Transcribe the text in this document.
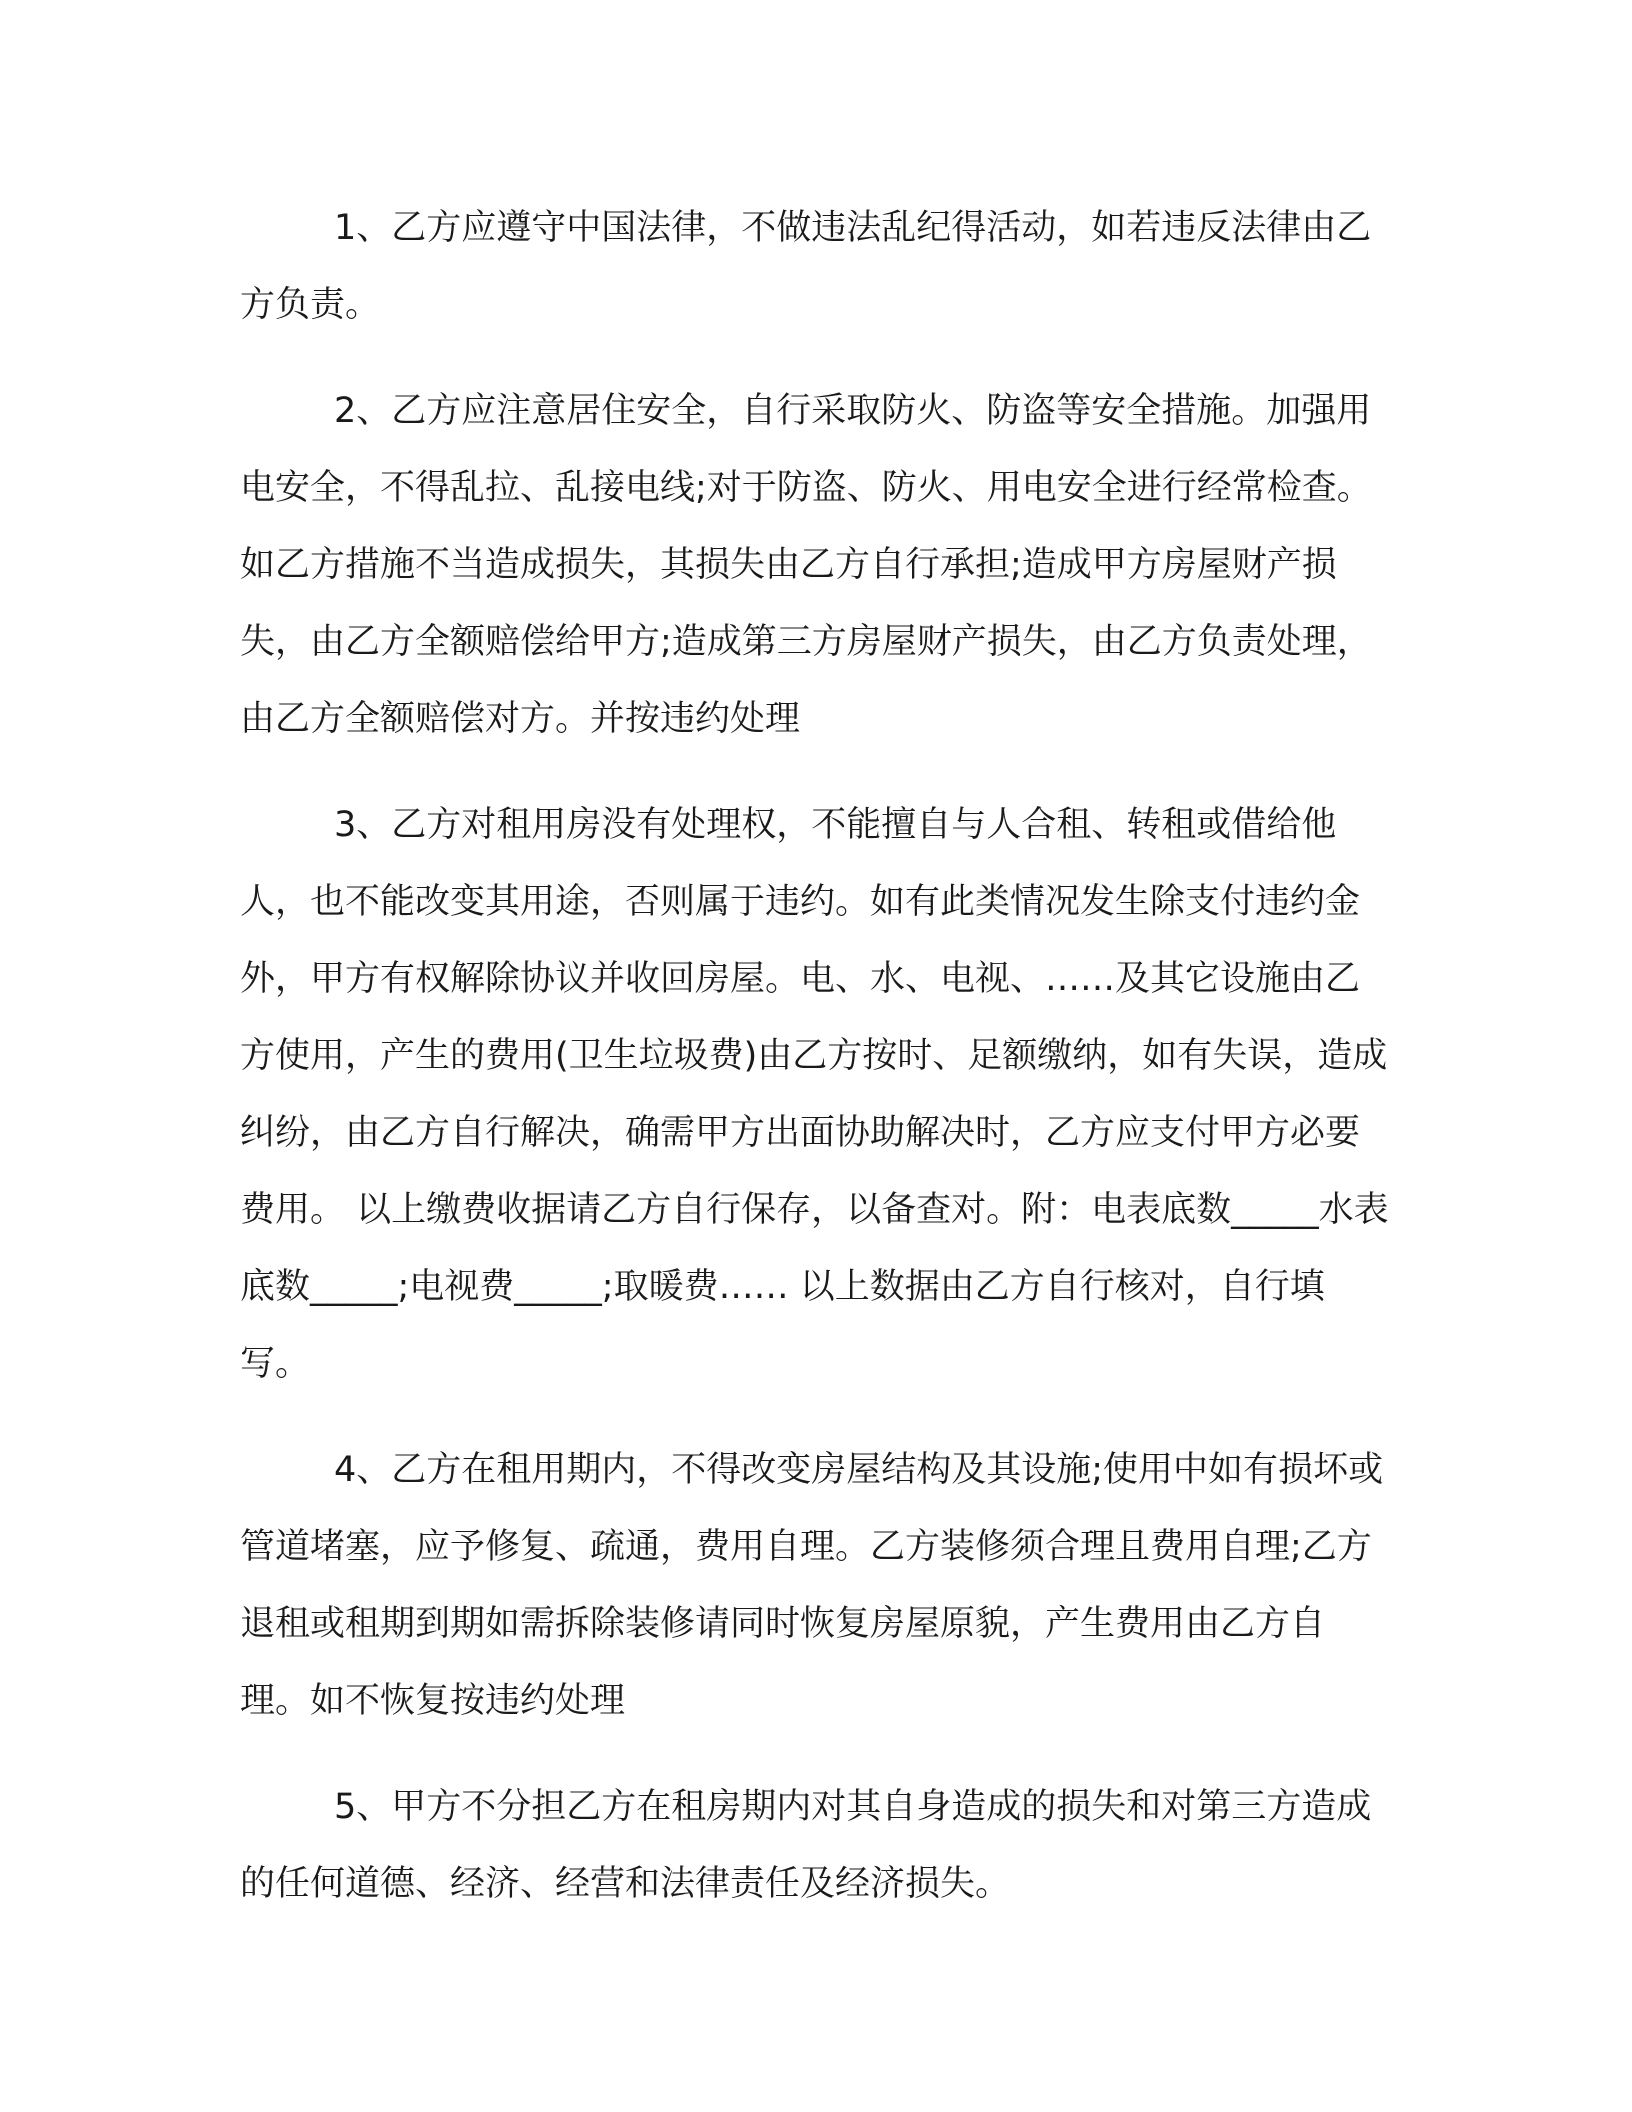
1、乙方应遵守中国法律，不做违法乱纪得活动，如若违反法律由乙方负责。

2、乙方应注意居住安全，自行采取防火、防盗等安全措施。加强用电安全，不得乱拉、乱接电线;对于防盗、防火、用电安全进行经常检查。如乙方措施不当造成损失，其损失由乙方自行承担;造成甲方房屋财产损失，由乙方全额赔偿给甲方;造成第三方房屋财产损失，由乙方负责处理，由乙方全额赔偿对方。并按违约处理

3、乙方对租用房没有处理权，不能擅自与人合租、转租或借给他人，也不能改变其用途，否则属于违约。如有此类情况发生除支付违约金外，甲方有权解除协议并收回房屋。电、水、电视、……及其它设施由乙方使用，产生的费用(卫生垃圾费)由乙方按时、足额缴纳，如有失误，造成纠纷，由乙方自行解决，确需甲方出面协助解决时，乙方应支付甲方必要费用。 以上缴费收据请乙方自行保存，以备查对。附：电表底数_____水表底数_____;电视费_____;取暖费…… 以上数据由乙方自行核对，自行填写。

4、乙方在租用期内，不得改变房屋结构及其设施;使用中如有损坏或管道堵塞，应予修复、疏通，费用自理。乙方装修须合理且费用自理;乙方退租或租期到期如需拆除装修请同时恢复房屋原貌，产生费用由乙方自理。如不恢复按违约处理

5、甲方不分担乙方在租房期内对其自身造成的损失和对第三方造成的任何道德、经济、经营和法律责任及经济损失。
